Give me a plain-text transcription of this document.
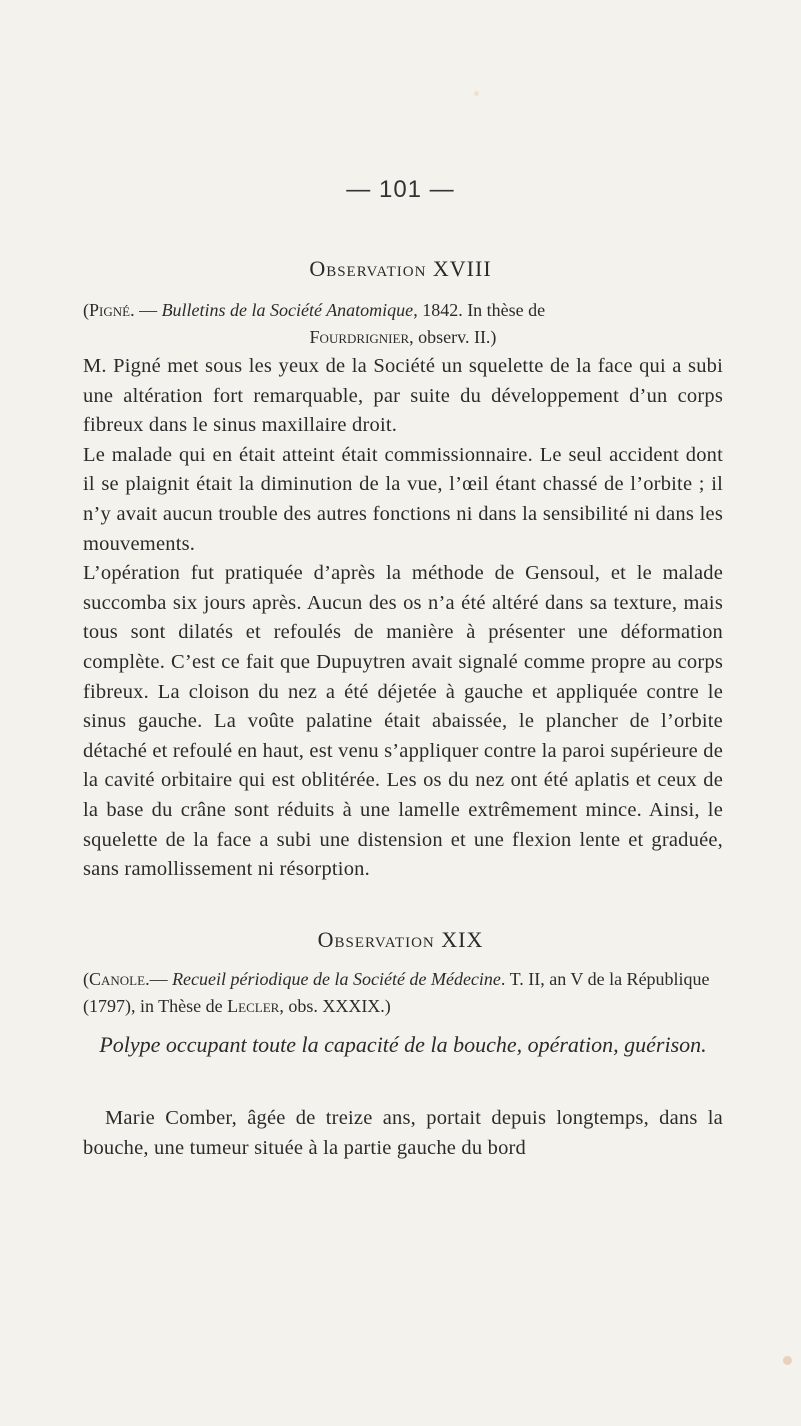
— 101 —
Observation XVIII
(Pigné. — Bulletins de la Société Anatomique, 1842. In thèse de

Fourdrignier, observ. II.)

M. Pigné met sous les yeux de la Société un squelette de la face qui a subi une altération fort remarquable, par suite du développement d’un corps fibreux dans le sinus maxillaire droit.

Le malade qui en était atteint était commissionnaire. Le seul accident dont il se plaignit était la diminution de la vue, l’œil étant chassé de l’orbite ; il n’y avait aucun trouble des autres fonctions ni dans la sensibilité ni dans les mouvements.

L’opération fut pratiquée d’après la méthode de Gensoul, et le malade succomba six jours après. Aucun des os n’a été altéré dans sa texture, mais tous sont dilatés et refoulés de manière à présenter une déformation complète. C’est ce fait que Dupuytren avait signalé comme propre au corps fibreux. La cloison du nez a été déjetée à gauche et appliquée contre le sinus gauche. La voûte palatine était abaissée, le plancher de l’orbite détaché et refoulé en haut, est venu s’appliquer contre la paroi supérieure de la cavité orbitaire qui est oblitérée. Les os du nez ont été aplatis et ceux de la base du crâne sont réduits à une lamelle extrêmement mince. Ainsi, le squelette de la face a subi une distension et une flexion lente et graduée, sans ramollissement ni résorption.

Observation XIX
(Canole.— Recueil périodique de la Société de Médecine. T. II, an V de la République (1797), in Thèse de Lecler, obs. XXXIX.)
Polype occupant toute la capacité de la bouche, opération, guérison.

Marie Comber, âgée de treize ans, portait depuis longtemps, dans la bouche, une tumeur située à la partie gauche du bord
